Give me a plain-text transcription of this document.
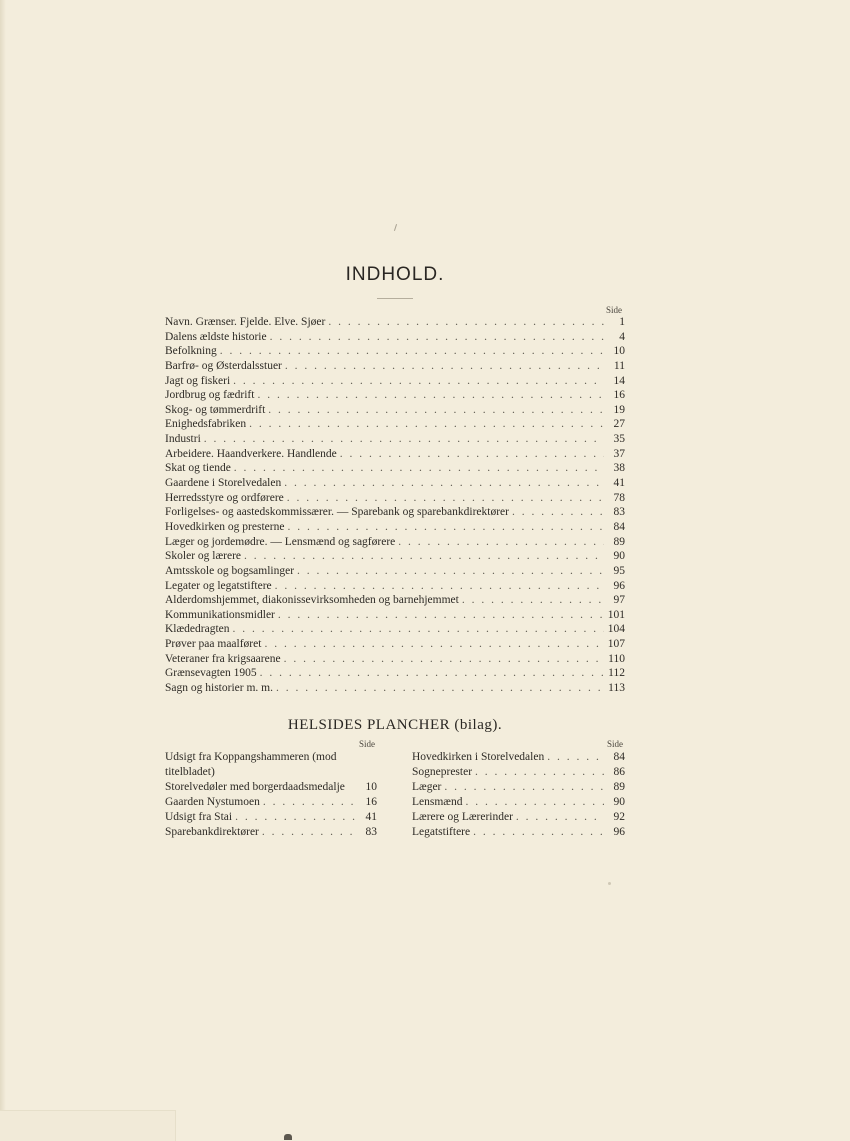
INDHOLD.
Side
Navn. Grænser. Fjelde. Elve. Sjøer . . .	1
Dalens ældste historie . . .	4
Befolkning . . .	10
Barfrø- og Østerdalsstuer . . .	11
Jagt og fiskeri . . .	14
Jordbrug og fædrift . . .	16
Skog- og tømmerdrift . . .	19
Enighedsfabriken . . .	27
Industri . . .	35
Arbeidere. Haandverkere. Handlende . . .	37
Skat og tiende . . .	38
Gaardene i Storelvedalen . . .	41
Herredsstyre og ordførere . . .	78
Forligelses- og aastedskommissærer. — Sparebank og sparebankdirektører . . .	83
Hovedkirken og presterne . . .	84
Læger og jordemødre. — Lensmænd og sagførere . . .	89
Skoler og lærere . . .	90
Amtsskole og bogsamlinger . . .	95
Legater og legatstiftere . . .	96
Alderdomshjemmet, diakonissevirksomheden og barnehjemmet . . .	97
Kommunikationsmidler . . .	101
Klædedragten . . .	104
Prøver paa maalføret . . .	107
Veteraner fra krigsaarene . . .	110
Grænsevagten 1905 . . .	112
Sagn og historier m. m. . . .	113
HELSIDES PLANCHER (bilag).
Side	Side
Udsigt fra Koppangshammeren (mod
titelbladet)
Storelvedøler med borgerdaadsmedalje	10
Gaarden Nystumoen . . .	16
Udsigt fra Stai . . .	41
Sparebankdirektører . . .	83
Hovedkirken i Storelvedalen . . .	84
Sogneprester . . .	86
Læger . . .	89
Lensmænd . . .	90
Lærere og Lærerinder . . .	92
Legatstiftere . . .	96
